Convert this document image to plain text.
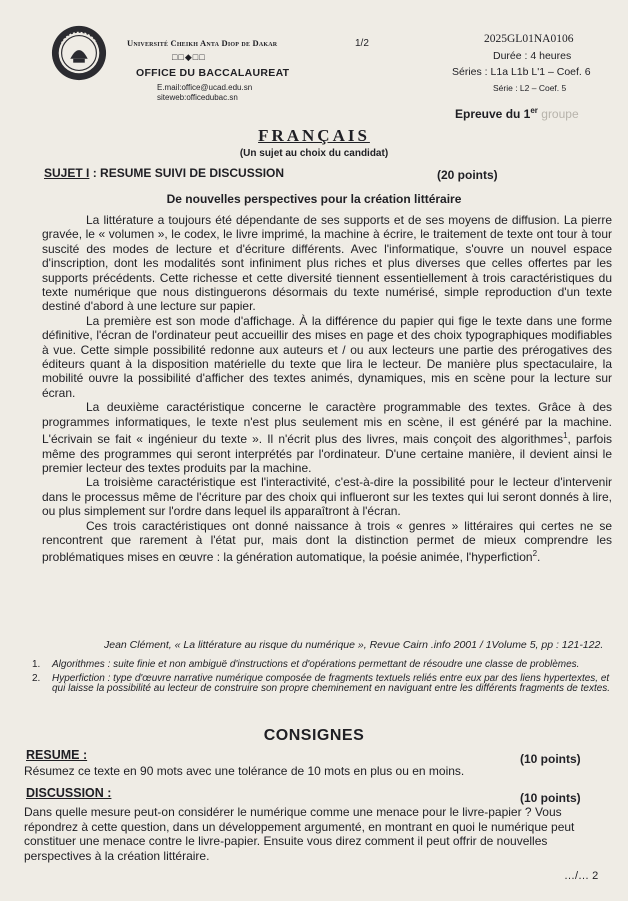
Université Cheikh Anta Diop de Dakar
□□◆□□
OFFICE DU BACCALAUREAT
E.mail:office@ucad.edu.sn
siteweb:officedubac.sn
1/2	2025GL01NA0106
Durée : 4 heures
Séries : L1a L1b L'1 – Coef. 6
Série : L2 – Coef. 5
Epreuve du 1er groupe
FRANÇAIS
(Un sujet au choix du candidat)
SUJET I : RESUME SUIVI DE DISCUSSION	(20 points)
De nouvelles perspectives pour la création littéraire

La littérature a toujours été dépendante de ses supports et de ses moyens de diffusion. La pierre gravée, le « volumen », le codex, le livre imprimé, la machine à écrire, le traitement de texte ont tour à tour suscité des modes de lecture et d'écriture différents. Avec l'informatique, s'ouvre un nouvel espace d'inscription, dont les modalités sont infiniment plus riches et plus diverses que celles offertes par les supports précédents. Cette richesse et cette diversité tiennent essentiellement à trois caractéristiques du texte numérique que nous distinguerons désormais du texte numérisé, simple reproduction d'un texte destiné d'abord à une lecture sur papier.

La première est son mode d'affichage. À la différence du papier qui fige le texte dans une forme définitive, l'écran de l'ordinateur peut accueillir des mises en page et des choix typographiques modifiables à vue. Cette simple possibilité redonne aux auteurs et / ou aux lecteurs une partie des prérogatives des éditeurs quant à la disposition matérielle du texte que lira le lecteur. De manière plus spectaculaire, la mobilité ouvre la possibilité d'afficher des textes animés, dynamiques, mis en scène pour la lecture sur écran.

La deuxième caractéristique concerne le caractère programmable des textes. Grâce à des programmes informatiques, le texte n'est plus seulement mis en scène, il est généré par la machine. L'écrivain se fait « ingénieur du texte ». Il n'écrit plus des livres, mais conçoit des algorithmes$^1$, parfois même des programmes qui seront interprétés par l'ordinateur. D'une certaine manière, il devient ainsi le premier lecteur des textes produits par la machine.

La troisième caractéristique est l'interactivité, c'est-à-dire la possibilité pour le lecteur d'intervenir dans le processus même de l'écriture par des choix qui influeront sur les textes qui lui seront donnés à lire, ou plus simplement sur l'ordre dans lequel ils apparaîtront à l'écran.

Ces trois caractéristiques ont donné naissance à trois « genres » littéraires qui certes ne se rencontrent que rarement à l'état pur, mais dont la distinction permet de mieux comprendre les problématiques mises en œuvre : la génération automatique, la poésie animée, l'hyperfiction$^2$.

Jean Clément, « La littérature au risque du numérique », Revue Cairn .info 2001 / 1Volume 5, pp : 121-122.
1.	Algorithmes : suite finie et non ambiguë d'instructions et d'opérations permettant de résoudre une classe de problèmes.
2.	Hyperfiction : type d'œuvre narrative numérique composée de fragments textuels reliés entre eux par des liens hypertextes, et qui laisse la possibilité au lecteur de construire son propre cheminement en naviguant entre les différents fragments de textes.
CONSIGNES
RESUME :	(10 points)
Résumez ce texte en 90 mots avec une tolérance de 10 mots en plus ou en moins.
DISCUSSION :	(10 points)
Dans quelle mesure peut-on considérer le numérique comme une menace pour le livre-papier ? Vous répondrez à cette question, dans un développement argumenté, en montrant en quoi le numérique peut constituer une menace contre le livre-papier. Ensuite vous direz comment il peut offrir de nouvelles perspectives à la création littéraire.
…/… 2
